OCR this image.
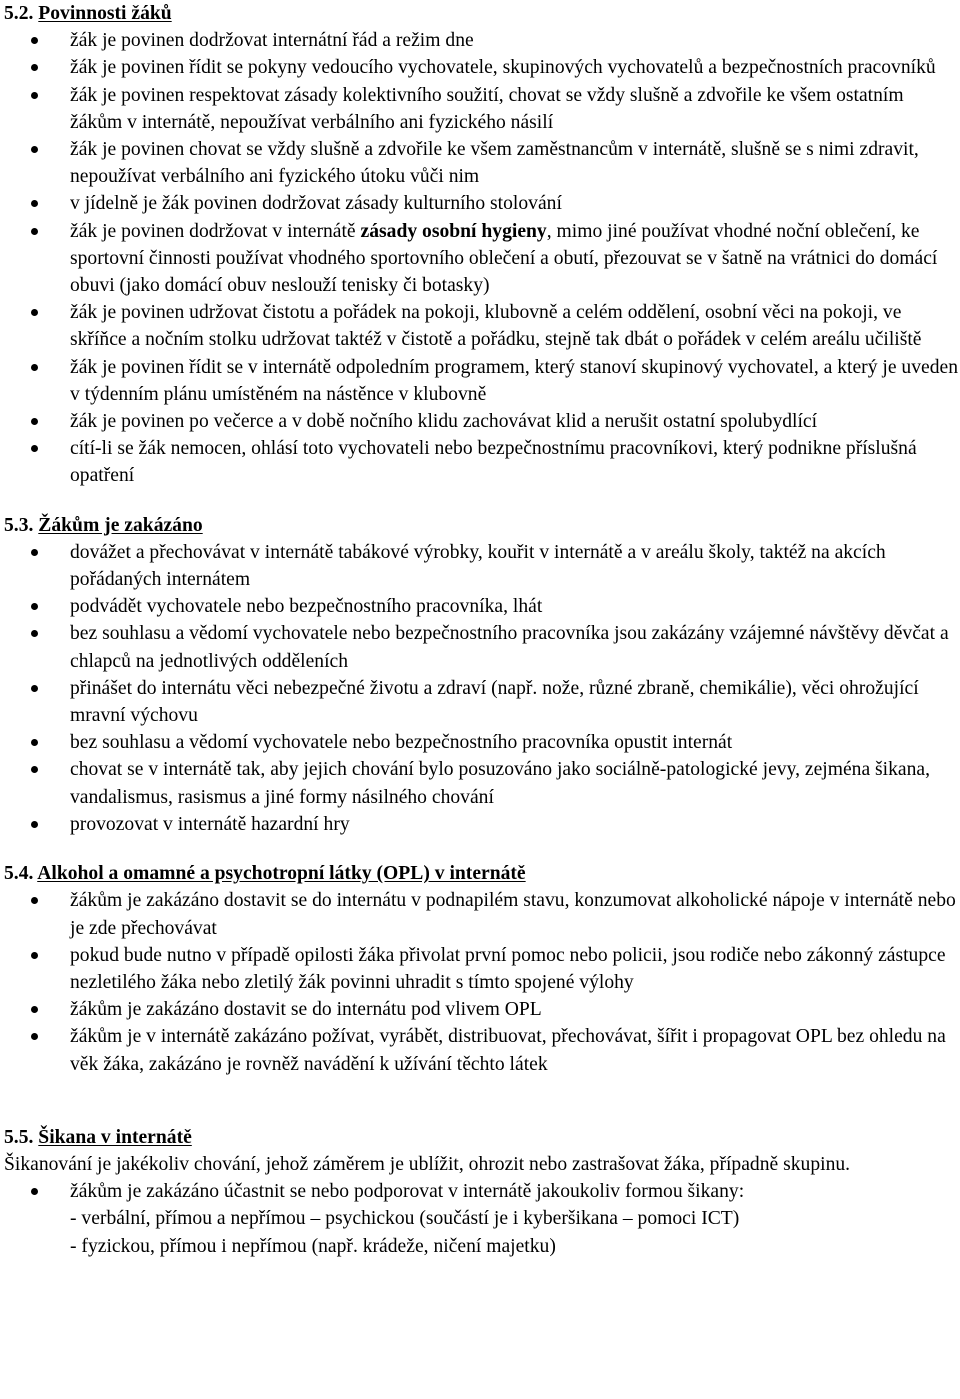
5.2. Povinnosti žáků

žák je povinen dodržovat internátní řád a režim dne
žák je povinen řídit se pokyny vedoucího vychovatele, skupinových vychovatelů a bezpečnostních pracovníků
žák je povinen respektovat zásady kolektivního soužití, chovat se vždy slušně a zdvořile ke všem ostatním žákům v internátě, nepoužívat verbálního ani fyzického násilí
žák je povinen chovat se vždy slušně a zdvořile ke všem zaměstnancům v internátě, slušně se s nimi zdravit, nepoužívat verbálního ani fyzického útoku vůči nim
v jídelně je žák povinen dodržovat zásady kulturního stolování
žák je povinen dodržovat v internátě zásady osobní hygieny, mimo jiné používat vhodné noční oblečení, ke sportovní činnosti používat vhodného sportovního oblečení a obutí, přezouvat se v šatně na vrátnici do domácí obuvi (jako domácí obuv neslouží tenisky či botasky)
žák je povinen udržovat čistotu a pořádek na pokoji, klubovně a celém oddělení, osobní věci na pokoji, ve skříňce a nočním stolku udržovat taktéž v čistotě a pořádku, stejně tak dbát o pořádek v celém areálu učiliště
žák je povinen řídit se v internátě odpoledním programem, který stanoví skupinový vychovatel, a který je uveden v týdenním plánu umístěném na nástěnce v klubovně
žák je povinen po večerce a v době nočního klidu zachovávat klid a nerušit ostatní spolubydlící
cítí-li se žák nemocen, ohlásí toto vychovateli nebo bezpečnostnímu pracovníkovi, který podnikne příslušná opatření

5.3. Žákům je zakázáno

dovážet a přechovávat v internátě tabákové výrobky, kouřit v internátě a v areálu školy, taktéž na akcích pořádaných internátem
podvádět vychovatele nebo bezpečnostního pracovníka, lhát
bez souhlasu a vědomí vychovatele nebo bezpečnostního pracovníka jsou zakázány vzájemné návštěvy děvčat a chlapců na jednotlivých odděleních
přinášet do internátu věci nebezpečné životu a zdraví (např. nože, různé zbraně, chemikálie), věci ohrožující mravní výchovu
bez souhlasu a vědomí vychovatele nebo bezpečnostního pracovníka opustit internát
chovat se v internátě tak, aby jejich chování bylo posuzováno jako sociálně-patologické jevy, zejména šikana, vandalismus, rasismus a jiné formy násilného chování
provozovat v internátě hazardní hry

5.4. Alkohol a omamné a psychotropní látky (OPL) v internátě

žákům je zakázáno dostavit se do internátu v podnapilém stavu, konzumovat alkoholické nápoje v internátě nebo je zde přechovávat
pokud bude nutno v případě opilosti žáka přivolat první pomoc nebo policii, jsou rodiče nebo zákonný zástupce nezletilého žáka nebo zletilý žák povinni uhradit s tímto spojené výlohy
žákům je zakázáno dostavit se do internátu pod vlivem OPL
žákům je v internátě zakázáno požívat, vyrábět, distribuovat, přechovávat, šířit i propagovat OPL bez ohledu na věk žáka, zakázáno je rovněž navádění k užívání těchto látek

5.5. Šikana v internátě

Šikanování je jakékoliv chování, jehož záměrem je ublížit, ohrozit nebo zastrašovat žáka, případně skupinu.

žákům je zakázáno účastnit se nebo podporovat v internátě jakoukoliv formou šikany:
- verbální, přímou a nepřímou – psychickou (součástí je i kyberšikana – pomoci ICT)
- fyzickou, přímou i nepřímou (např. krádeže, ničení majetku)
